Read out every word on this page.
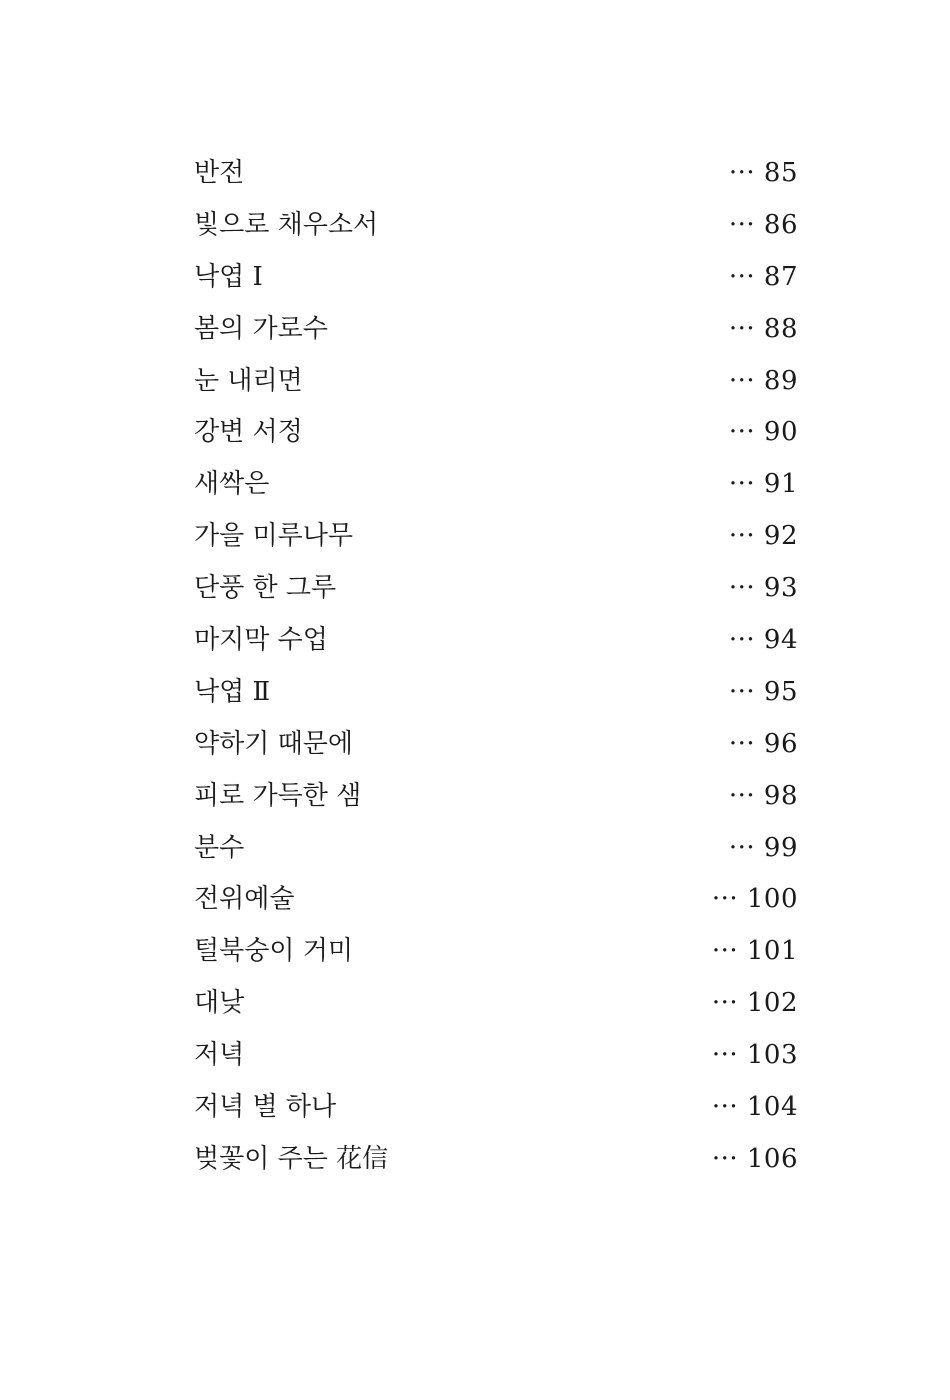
반전	··· 85
빛으로 채우소서	··· 86
낙엽 Ⅰ	··· 87
봄의 가로수	··· 88
눈 내리면	··· 89
강변 서정	··· 90
새싹은	··· 91
가을 미루나무	··· 92
단풍 한 그루	··· 93
마지막 수업	··· 94
낙엽 Ⅱ	··· 95
약하기 때문에	··· 96
피로 가득한 샘	··· 98
분수	··· 99
전위예술	··· 100
털북숭이 거미	··· 101
대낮	··· 102
저녁	··· 103
저녁 별 하나	··· 104
벚꽃이 주는 花信	··· 106
